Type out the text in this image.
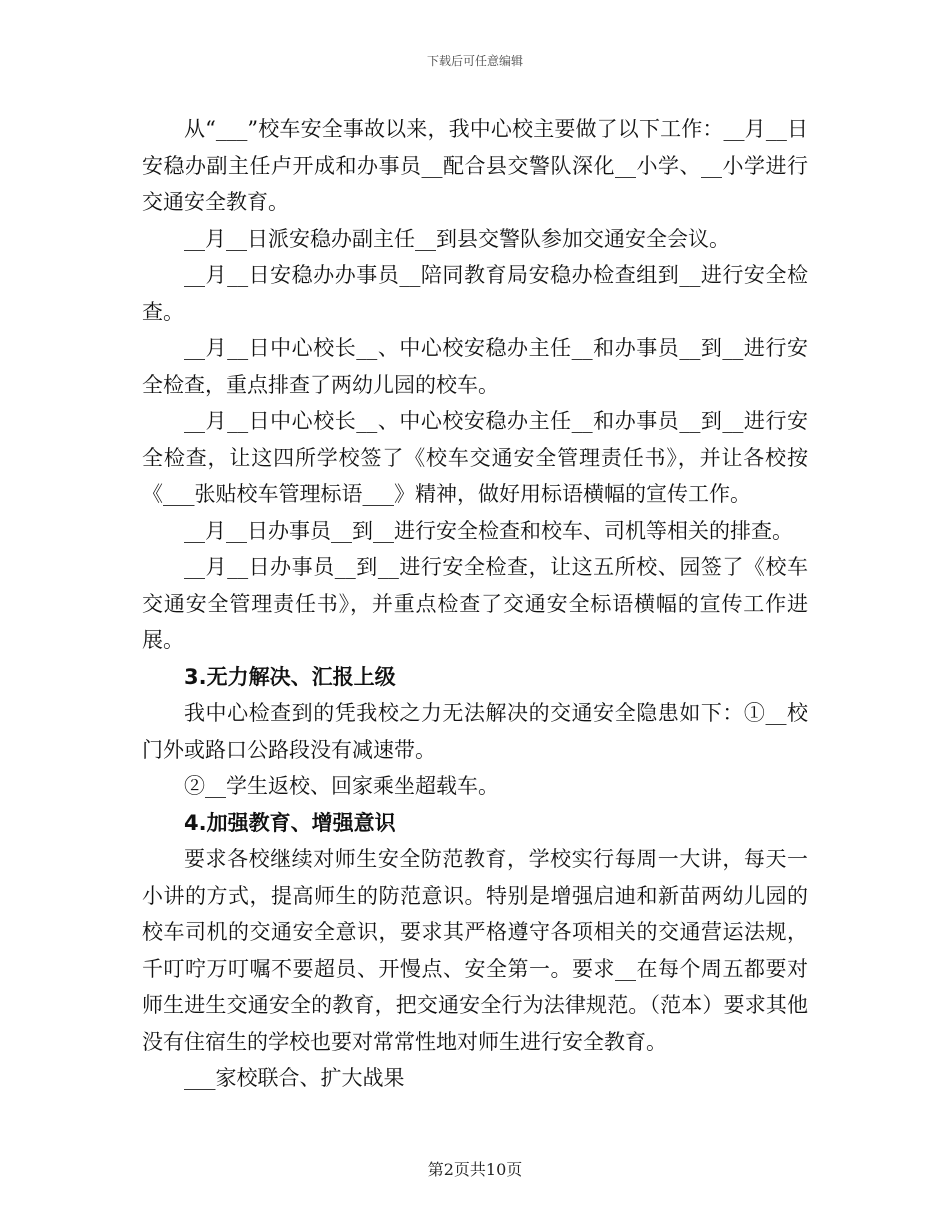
下载后可任意编辑

从“___”校车安全事故以来，我中心校主要做了以下工作：__月__日安稳办副主任卢开成和办事员__配合县交警队深化__小学、__小学进行交通安全教育。

__月__日派安稳办副主任__到县交警队参加交通安全会议。

__月__日安稳办办事员__陪同教育局安稳办检查组到__进行安全检查。

__月__日中心校长__、中心校安稳办主任__和办事员__到__进行安全检查，重点排查了两幼儿园的校车。

__月__日中心校长__、中心校安稳办主任__和办事员__到__进行安全检查，让这四所学校签了《校车交通安全管理责任书》，并让各校按《___张贴校车管理标语___》精神，做好用标语横幅的宣传工作。

__月__日办事员__到__进行安全检查和校车、司机等相关的排查。

__月__日办事员__到__进行安全检查，让这五所校、园签了《校车交通安全管理责任书》，并重点检查了交通安全标语横幅的宣传工作进展。

3.无力解决、汇报上级

我中心检查到的凭我校之力无法解决的交通安全隐患如下：①__校门外或路口公路段没有减速带。

②__学生返校、回家乘坐超载车。

4.加强教育、增强意识

要求各校继续对师生安全防范教育，学校实行每周一大讲，每天一小讲的方式，提高师生的防范意识。特别是增强启迪和新苗两幼儿园的校车司机的交通安全意识，要求其严格遵守各项相关的交通营运法规，千叮咛万叮嘱不要超员、开慢点、安全第一。要求__在每个周五都要对师生进生交通安全的教育，把交通安全行为法律规范。（范本）要求其他没有住宿生的学校也要对常常性地对师生进行安全教育。

___家校联合、扩大战果

第2页共10页
